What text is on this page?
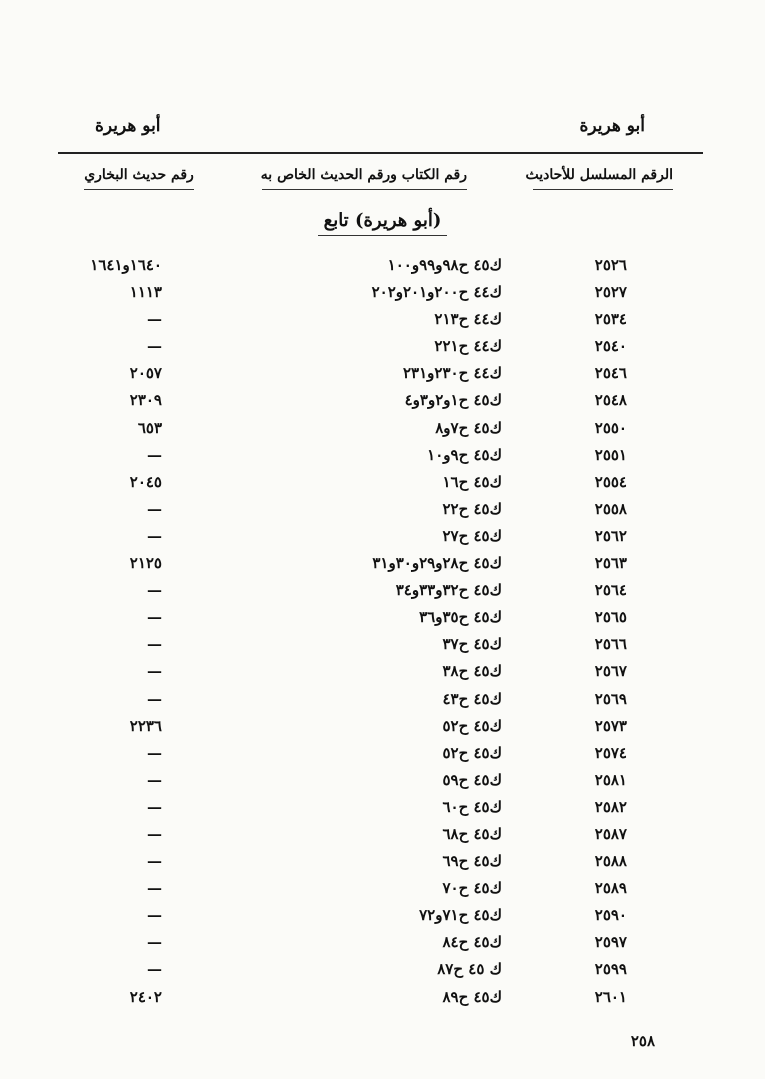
أبو هريرة
أبو هريرة
الرقم المسلسل للأحاديث
رقم الكتاب ورقم الحديث الخاص به
رقم حديث البخاري
(أبو هريرة) تابع
٢٥٢٦
ك٤٥ ح٩٨و٩٩و١٠٠
١٦٤٠و١٦٤١
٢٥٢٧
ك٤٤ ح٢٠٠و٢٠١و٢٠٢
١١١٣
٢٥٣٤
ك٤٤ ح٢١٣
—
٢٥٤٠
ك٤٤ ح٢٢١
—
٢٥٤٦
ك٤٤ ح٢٣٠و٢٣١
٢٠٥٧
٢٥٤٨
ك٤٥ ح١و٢و٣و٤
٢٣٠٩
٢٥٥٠
ك٤٥ ح٧و٨
٦٥٣
٢٥٥١
ك٤٥ ح٩و١٠
—
٢٥٥٤
ك٤٥ ح١٦
٢٠٤٥
٢٥٥٨
ك٤٥ ح٢٢
—
٢٥٦٢
ك٤٥ ح٢٧
—
٢٥٦٣
ك٤٥ ح٢٨و٢٩و٣٠و٣١
٢١٢٥
٢٥٦٤
ك٤٥ ح٣٢و٣٣و٣٤
—
٢٥٦٥
ك٤٥ ح٣٥و٣٦
—
٢٥٦٦
ك٤٥ ح٣٧
—
٢٥٦٧
ك٤٥ ح٣٨
—
٢٥٦٩
ك٤٥ ح٤٣
—
٢٥٧٣
ك٤٥ ح٥٢
٢٢٣٦
٢٥٧٤
ك٤٥ ح٥٢
—
٢٥٨١
ك٤٥ ح٥٩
—
٢٥٨٢
ك٤٥ ح٦٠
—
٢٥٨٧
ك٤٥ ح٦٨
—
٢٥٨٨
ك٤٥ ح٦٩
—
٢٥٨٩
ك٤٥ ح٧٠
—
٢٥٩٠
ك٤٥ ح٧١و٧٢
—
٢٥٩٧
ك٤٥ ح٨٤
—
٢٥٩٩
ك ٤٥ ح٨٧
—
٢٦٠١
ك٤٥ ح٨٩
٢٤٠٢
٢٥٨
